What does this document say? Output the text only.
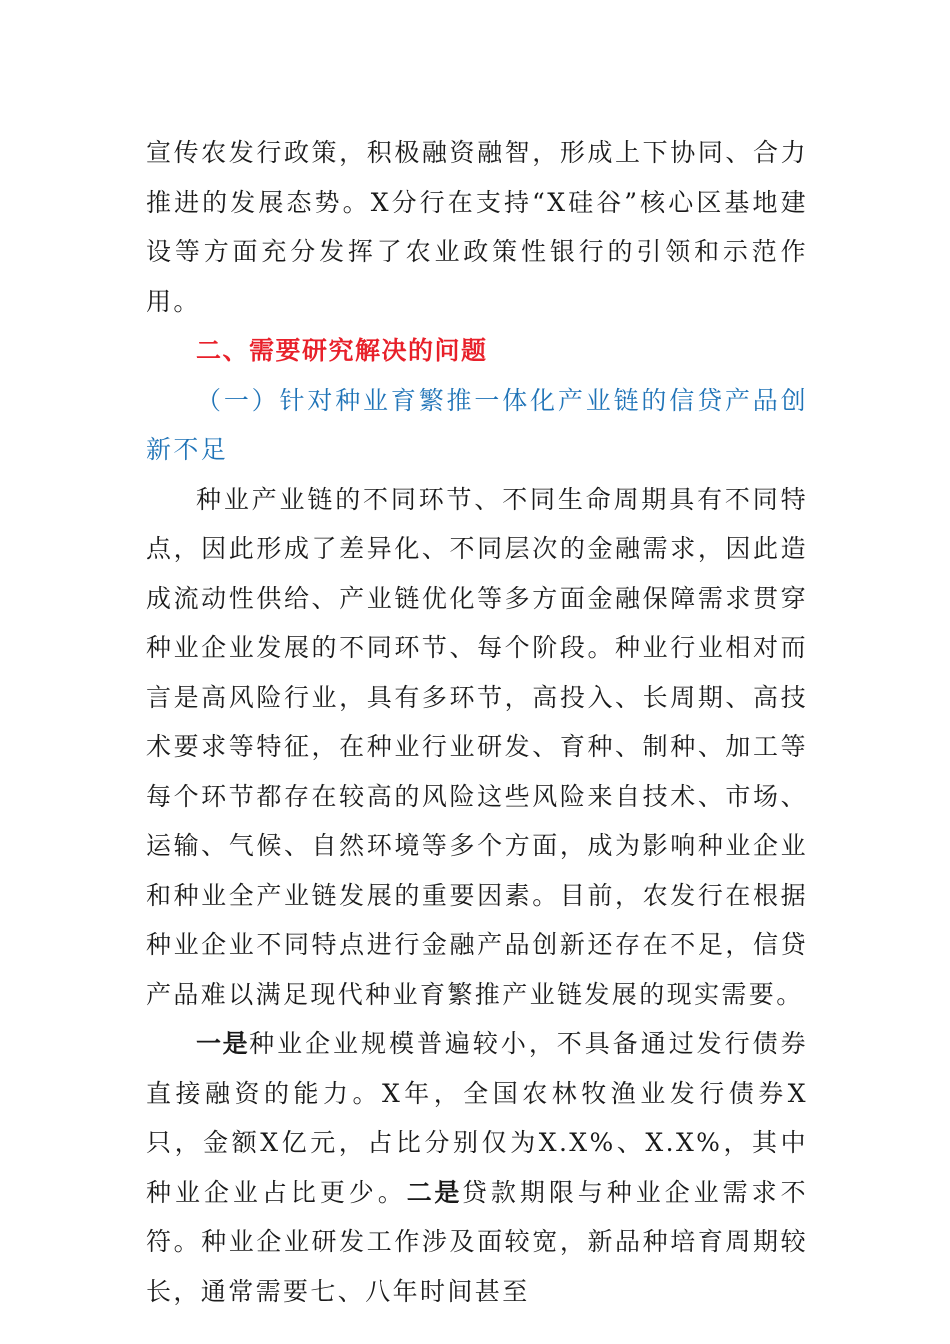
宣传农发行政策，积极融资融智，形成上下协同、合力推进的发展态势。X分行在支持“X硅谷”核心区基地建设等方面充分发挥了农业政策性银行的引领和示范作用。

二、需要研究解决的问题

（一）针对种业育繁推一体化产业链的信贷产品创新不足

种业产业链的不同环节、不同生命周期具有不同特点，因此形成了差异化、不同层次的金融需求，因此造成流动性供给、产业链优化等多方面金融保障需求贯穿种业企业发展的不同环节、每个阶段。种业行业相对而言是高风险行业，具有多环节，高投入、长周期、高技术要求等特征，在种业行业研发、育种、制种、加工等每个环节都存在较高的风险这些风险来自技术、市场、运输、气候、自然环境等多个方面，成为影响种业企业和种业全产业链发展的重要因素。目前，农发行在根据种业企业不同特点进行金融产品创新还存在不足，信贷产品难以满足现代种业育繁推产业链发展的现实需要。

一是种业企业规模普遍较小，不具备通过发行债券直接融资的能力。X年，全国农林牧渔业发行债券X只，金额X亿元，占比分别仅为X.X%、X.X%，其中种业企业占比更少。二是贷款期限与种业企业需求不符。种业企业研发工作涉及面较宽，新品种培育周期较长，通常需要七、八年时间甚至
